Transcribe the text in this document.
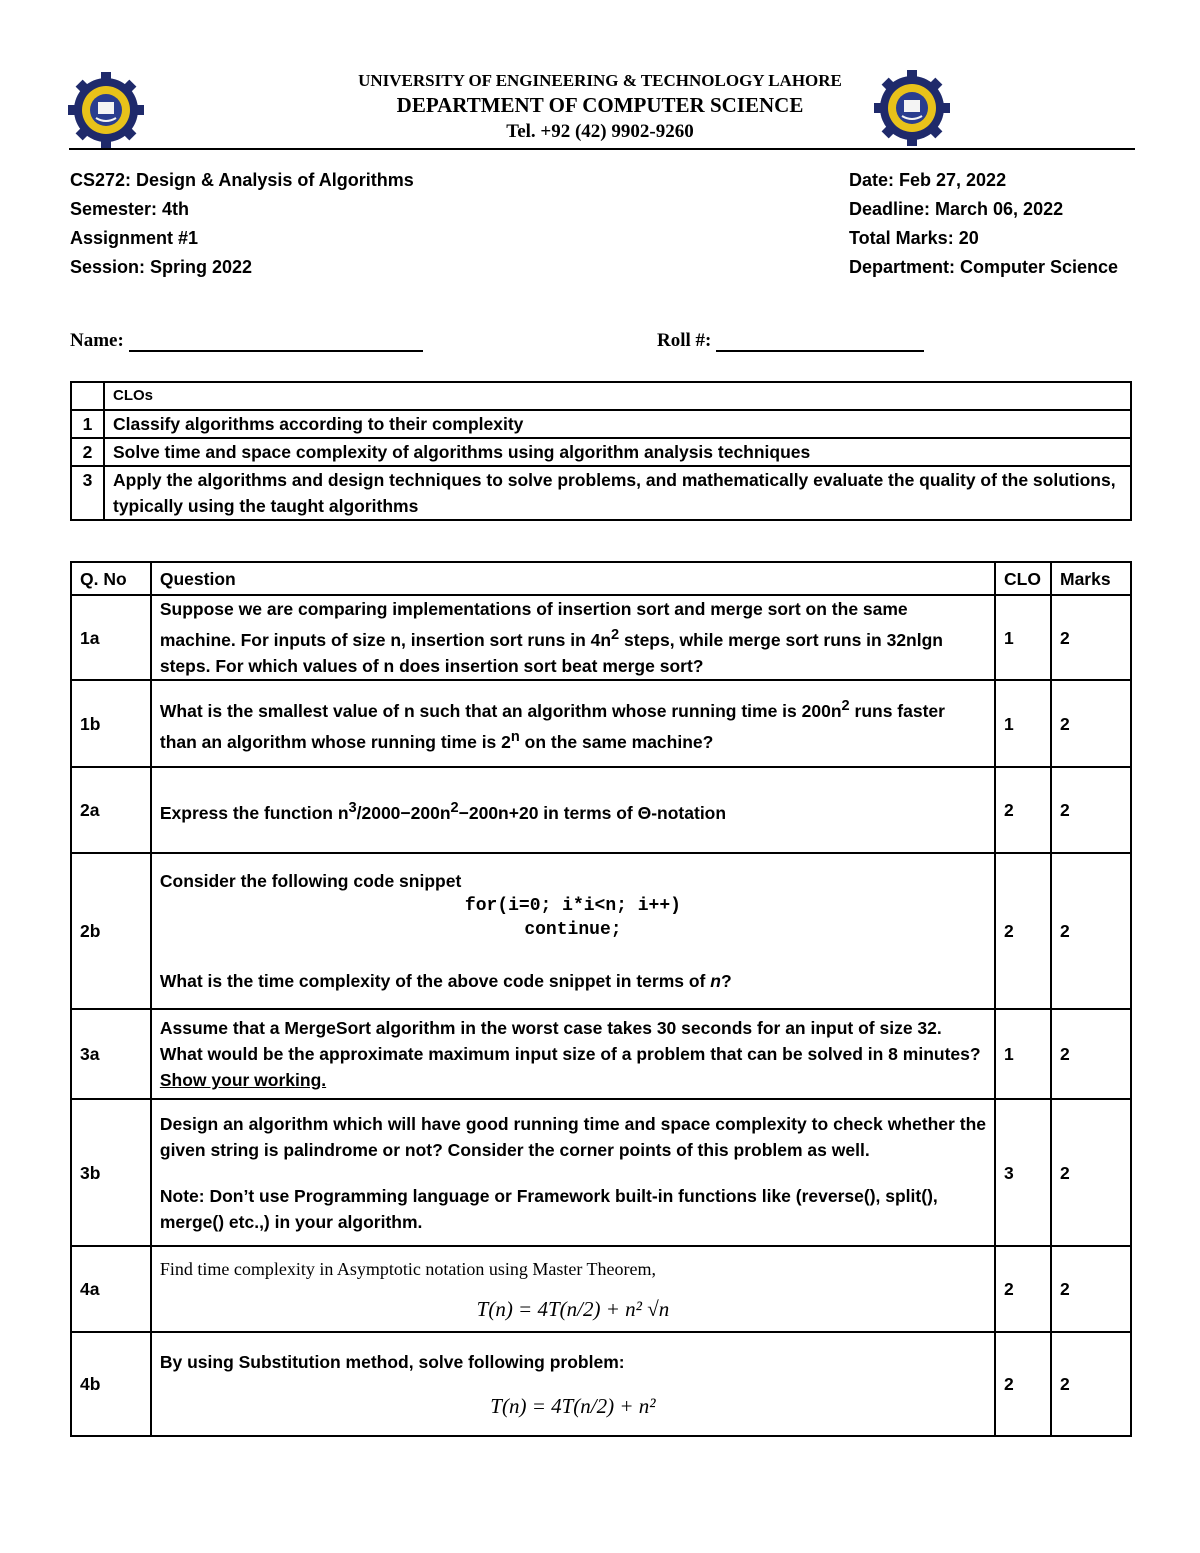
UNIVERSITY OF ENGINEERING & TECHNOLOGY LAHORE
DEPARTMENT OF COMPUTER SCIENCE
Tel. +92 (42) 9902-9260
CS272: Design & Analysis of Algorithms
Semester: 4th
Assignment #1
Session: Spring 2022
Date: Feb 27, 2022
Deadline: March 06, 2022
Total Marks: 20
Department: Computer Science
Name:	Roll #:
	CLOs
1	Classify algorithms according to their complexity
2	Solve time and space complexity of algorithms using algorithm analysis techniques
3	Apply the algorithms and design techniques to solve problems, and mathematically evaluate the quality of the solutions, typically using the taught algorithms
Q. No	Question	CLO	Marks
1a	Suppose we are comparing implementations of insertion sort and merge sort on the same machine. For inputs of size n, insertion sort runs in $4n^2$ steps, while merge sort runs in 32nlgn steps. For which values of n does insertion sort beat merge sort?	1	2
1b	What is the smallest value of n such that an algorithm whose running time is $200n^2$ runs faster than an algorithm whose running time is 2$^n$ on the same machine?	1	2
2a	Express the function $n^3/2000-200n^2-200n+20$ in terms of Θ-notation	2	2
2b	Consider the following code snippet
for(i=0; i*i<n; i++)
continue;
What is the time complexity of the above code snippet in terms of n?	2	2
3a	Assume that a MergeSort algorithm in the worst case takes 30 seconds for an input of size 32. What would be the approximate maximum input size of a problem that can be solved in 8 minutes? Show your working.	1	2
3b	Design an algorithm which will have good running time and space complexity to check whether the given string is palindrome or not? Consider the corner points of this problem as well.
Note: Don’t use Programming language or Framework built-in functions like (reverse(), split(), merge() etc.,) in your algorithm.	3	2
4a	Find time complexity in Asymptotic notation using Master Theorem,
T(n) = 4T(n/2) + n² √n	2	2
4b	By using Substitution method, solve following problem:
T(n) = 4T(n/2) + n²	2	2
